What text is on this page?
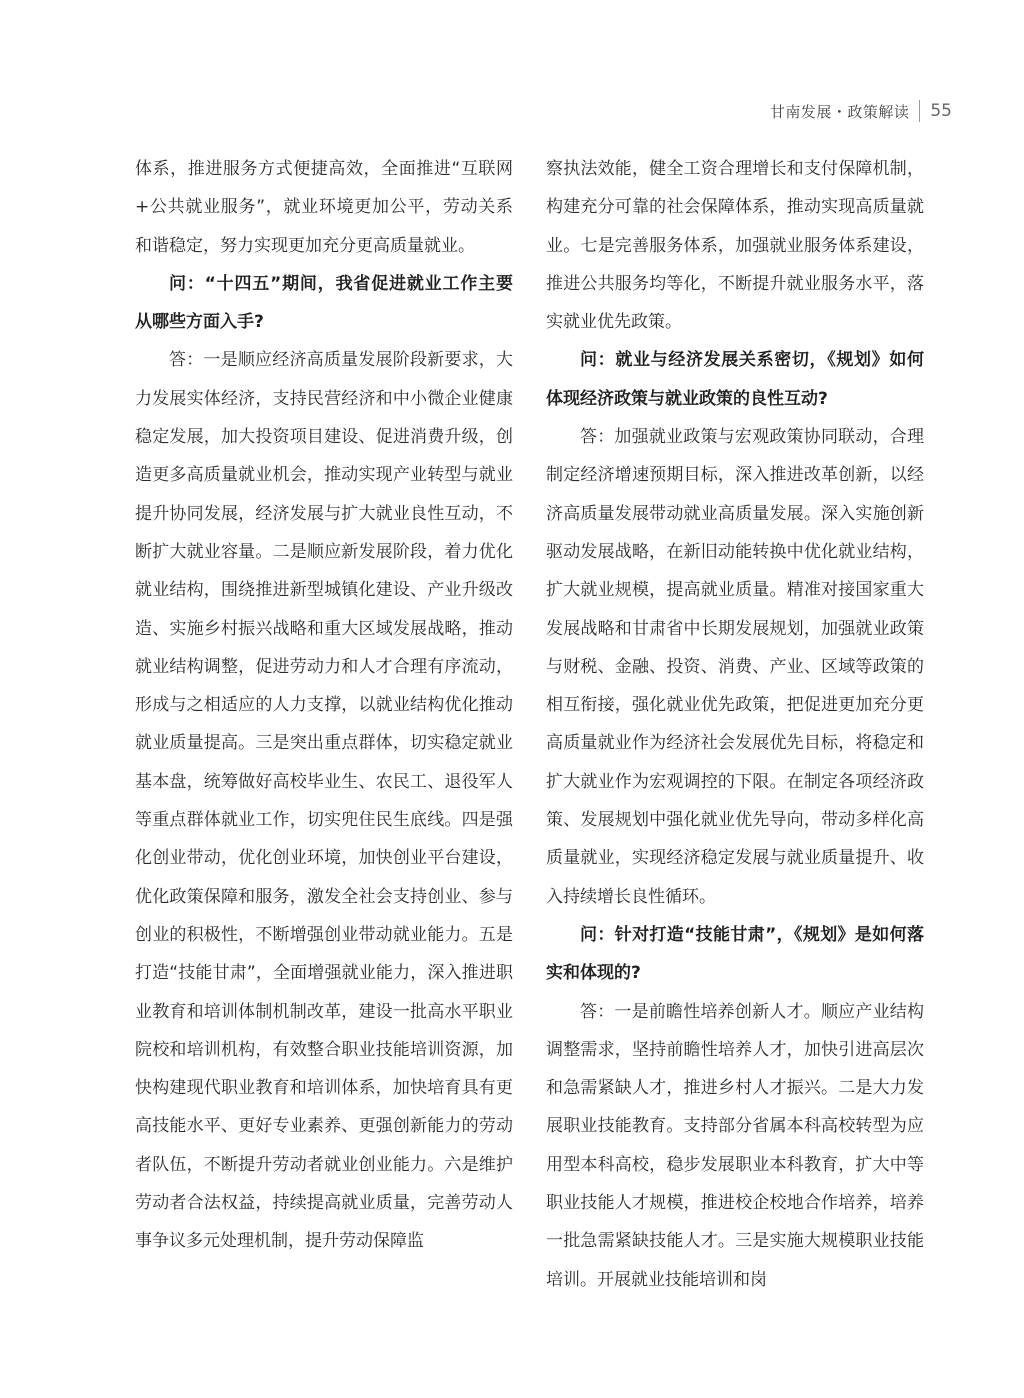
甘南发展・政策解读 55

体系，推进服务方式便捷高效，全面推进“互联网+公共就业服务”，就业环境更加公平，劳动关系和谐稳定，努力实现更加充分更高质量就业。

问：“十四五”期间，我省促进就业工作主要从哪些方面入手?

答：一是顺应经济高质量发展阶段新要求，大力发展实体经济，支持民营经济和中小微企业健康稳定发展，加大投资项目建设、促进消费升级，创造更多高质量就业机会，推动实现产业转型与就业提升协同发展，经济发展与扩大就业良性互动，不断扩大就业容量。二是顺应新发展阶段，着力优化就业结构，围绕推进新型城镇化建设、产业升级改造、实施乡村振兴战略和重大区域发展战略，推动就业结构调整，促进劳动力和人才合理有序流动，形成与之相适应的人力支撑，以就业结构优化推动就业质量提高。三是突出重点群体，切实稳定就业基本盘，统筹做好高校毕业生、农民工、退役军人等重点群体就业工作，切实兜住民生底线。四是强化创业带动，优化创业环境，加快创业平台建设，优化政策保障和服务，激发全社会支持创业、参与创业的积极性，不断增强创业带动就业能力。五是打造“技能甘肃”，全面增强就业能力，深入推进职业教育和培训体制机制改革，建设一批高水平职业院校和培训机构，有效整合职业技能培训资源，加快构建现代职业教育和培训体系，加快培育具有更高技能水平、更好专业素养、更强创新能力的劳动者队伍，不断提升劳动者就业创业能力。六是维护劳动者合法权益，持续提高就业质量，完善劳动人事争议多元处理机制，提升劳动保障监

察执法效能，健全工资合理增长和支付保障机制，构建充分可靠的社会保障体系，推动实现高质量就业。七是完善服务体系，加强就业服务体系建设，推进公共服务均等化，不断提升就业服务水平，落实就业优先政策。

问：就业与经济发展关系密切，《规划》如何体现经济政策与就业政策的良性互动?

答：加强就业政策与宏观政策协同联动，合理制定经济增速预期目标，深入推进改革创新，以经济高质量发展带动就业高质量发展。深入实施创新驱动发展战略，在新旧动能转换中优化就业结构，扩大就业规模，提高就业质量。精准对接国家重大发展战略和甘肃省中长期发展规划，加强就业政策与财税、金融、投资、消费、产业、区域等政策的相互衔接，强化就业优先政策，把促进更加充分更高质量就业作为经济社会发展优先目标，将稳定和扩大就业作为宏观调控的下限。在制定各项经济政策、发展规划中强化就业优先导向，带动多样化高质量就业，实现经济稳定发展与就业质量提升、收入持续增长良性循环。

问：针对打造“技能甘肃”，《规划》是如何落实和体现的?

答：一是前瞻性培养创新人才。顺应产业结构调整需求，坚持前瞻性培养人才，加快引进高层次和急需紧缺人才，推进乡村人才振兴。二是大力发展职业技能教育。支持部分省属本科高校转型为应用型本科高校，稳步发展职业本科教育，扩大中等职业技能人才规模，推进校企校地合作培养，培养一批急需紧缺技能人才。三是实施大规模职业技能培训。开展就业技能培训和岗
